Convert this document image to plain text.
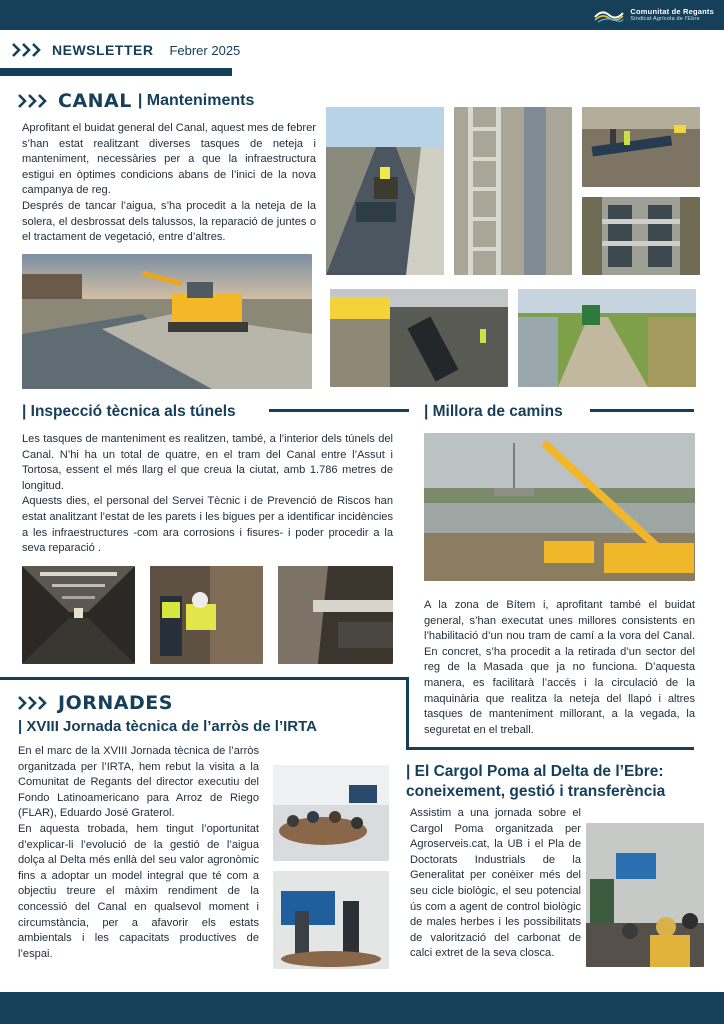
Comunitat de Regants
Sindicat Agrícola de l'Ebre
NEWSLETTER Febrer 2025
CANAL | Manteniments
Aprofitant el buidat general del Canal, aquest mes de febrer s’han estat realitzant diverses tasques de neteja i manteniment, necessàries per a que la infraestructura estigui en òptimes condicions abans de l’inici de la nova campanya de reg.
Després de tancar l’aigua, s’ha procedit a la neteja de la solera, el desbrossat dels talussos, la reparació de juntes o el tractament de vegetació, entre d’altres.
| Inspecció tècnica als túnels
Les tasques de manteniment es realitzen, també, a l’interior dels túnels del Canal. N’hi ha un total de quatre, en el tram del Canal entre l’Assut i Tortosa, essent el més llarg el que creua la ciutat, amb 1.786 metres de longitud.
Aquests dies, el personal del Servei Tècnic i de Prevenció de Riscos han estat analitzant l’estat de les parets i les bigues per a identificar incidències a les infraestructures -com ara corrosions i fisures- i poder procedir a la seva reparació .
| Millora de camins
A la zona de Bítem i, aprofitant també el buidat general, s’han executat unes millores consistents en l’habilitació d’un nou tram de camí a la vora del Canal. En concret, s’ha procedit a la retirada d’un sector del reg de la Masada que ja no funciona. D’aquesta manera, es facilitarà l’accés i la circulació de la maquinària que realitza la neteja del llapó i altres tasques de manteniment millorant, a la vegada, la seguretat en el treball.
JORNADES
| XVIII Jornada tècnica de l’arròs de l’IRTA
En el marc de la XVIII Jornada tècnica de l’arròs organitzada per l’IRTA, hem rebut la visita a la Comunitat de Regants del director executiu del Fondo Latinoamericano para Arroz de Riego (FLAR), Eduardo José Graterol.
En aquesta trobada, hem tingut l’oportunitat d’explicar-li l’evolució de la gestió de l’aigua dolça al Delta més enllà del seu valor agronòmic fins a adoptar un model integral que té com a objectiu treure el màxim rendiment de la concessió del Canal en qualsevol moment i circumstància, per a afavorir els estats ambientals i les capacitats productives de l’espai.
| El Cargol Poma al Delta de l’Ebre: coneixement, gestió i transferència
Assistim a una jornada sobre el Cargol Poma organitzada per Agroserveis.cat, la UB i el Pla de Doctorats Industrials de la Generalitat per conèixer més del seu cicle biològic, el seu potencial ús com a agent de control biològic de males herbes i les possibilitats de valorització del carbonat de calci extret de la seva closca.
